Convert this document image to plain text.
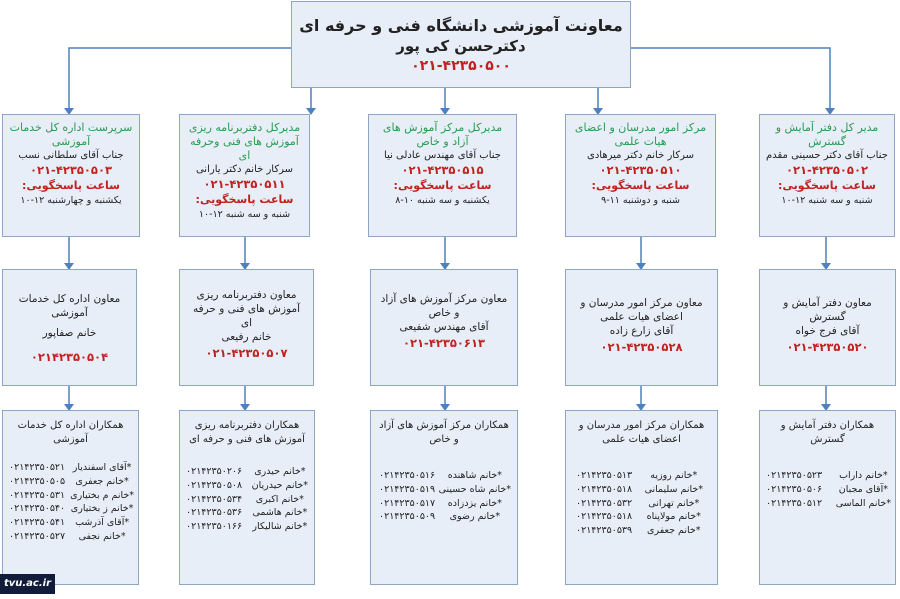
معاونت آموزشی دانشگاه فنی و حرفه ای
دکترحسن کی پور
۰۲۱-۴۲۳۵۰۵۰۰
سرپرست اداره کل خدمات آموزشی
جناب آقای سلطانی نسب
۰۲۱-۴۲۳۵۰۵۰۳
ساعت پاسخگویی:
یکشنبه و چهارشنبه ۱۲-۱۰
مدیرکل دفتربرنامه ریزی آموزش های فنی وحرفه ای
سرکار خانم دکتر یارانی
۰۲۱-۴۲۳۵۰۵۱۱
ساعت پاسخگویی:
شنبه و سه شنبه ۱۲-۱۰
مدیرکل مرکز آموزش های آزاد و خاص
جناب آقای مهندس عادلی نیا
۰۲۱-۴۲۳۵۰۵۱۵
ساعت پاسخگویی:
یکشنبه و سه شنبه ۱۰-۸
مرکز امور مدرسان و اعضای هیات علمی
سرکار خانم دکتر میرهادی
۰۲۱-۴۲۳۵۰۵۱۰
ساعت پاسخگویی:
شنبه و دوشنبه ۱۱-۹
مدیر کل دفتر آمایش و گسترش
جناب آقای دکتر حسینی مقدم
۰۲۱-۴۲۳۵۰۵۰۲
ساعت پاسخگویی:
شنبه و سه شنبه ۱۲-۱۰
معاون اداره کل خدمات آموزشی
خانم صفاپور
۰۲۱۴۲۳۵۰۵۰۴
معاون دفتربرنامه ریزی آموزش های فنی و حرفه ای
خانم رفیعی
۰۲۱-۴۲۳۵۰۵۰۷
معاون مرکز آموزش های آزاد و خاص
آقای مهندس شفیعی
۰۲۱-۴۲۳۵۰۶۱۳
معاون مرکز امور مدرسان و اعضای هیات علمی
آقای زارع زاده
۰۲۱-۴۲۳۵۰۵۲۸
معاون دفتر آمایش و گسترش
آقای فرج خواه
۰۲۱-۴۲۳۵۰۵۲۰
همکاران اداره کل خدمات آموزشی
*آقای اسفندیار
*خانم جعفری
*خانم م بختیاری
*خانم ز بختیاری
*آقای آذرشب
*خانم نجفی
۰۲۱۴۲۳۵۰۵۲۱
۰۲۱۴۲۳۵۰۵۰۵
۰۲۱۴۲۳۵۰۵۳۱
۰۲۱۴۲۳۵۰۵۴۰
۰۲۱۴۲۳۵۰۵۴۱
۰۲۱۴۲۳۵۰۵۲۷
همکاران دفتربرنامه ریزی آموزش های فنی و حرفه ای
*خانم حیدری
*خانم حیدریان
*خانم اکبری
*خانم هاشمی
*خانم شالیکار
۰۲۱۴۲۳۵۰۲۰۶
۰۲۱۴۲۳۵۰۵۰۸
۰۲۱۴۲۳۵۰۵۳۴
۰۲۱۴۲۳۵۰۵۳۶
۰۲۱۴۲۳۵۰۱۶۶
همکاران مرکز آموزش های آزاد و خاص
*خانم شاهنده
*خانم شاه حسینی
*خانم یزدزاده
*خانم رضوی
۰۲۱۴۲۳۵۰۵۱۶
۰۲۱۴۲۳۵۰۵۱۹
۰۲۱۴۲۳۵۰۵۱۷
۰۲۱۴۲۳۵۰۵۰۹
همکاران مرکز امور مدرسان و اعضای هیات علمی
*خانم روزیه
*خانم سلیمانی
*خانم تهرانی
*خانم مولاپناه
*خانم جعفری
۰۲۱۴۲۳۵۰۵۱۳
۰۲۱۴۲۳۵۰۵۱۸
۰۲۱۴۲۳۵۰۵۳۲
۰۲۱۴۲۳۵۰۵۱۸
۰۲۱۴۲۳۵۰۵۳۹
همکاران دفتر آمایش و گسترش
*خانم داراب
*آقای مجبان
*خانم الماسی
۰۲۱۴۲۳۵۰۵۲۳
۰۲۱۴۲۳۵۰۵۰۶
۰۲۱۴۲۳۵۰۵۱۲
tvu.ac.ir
